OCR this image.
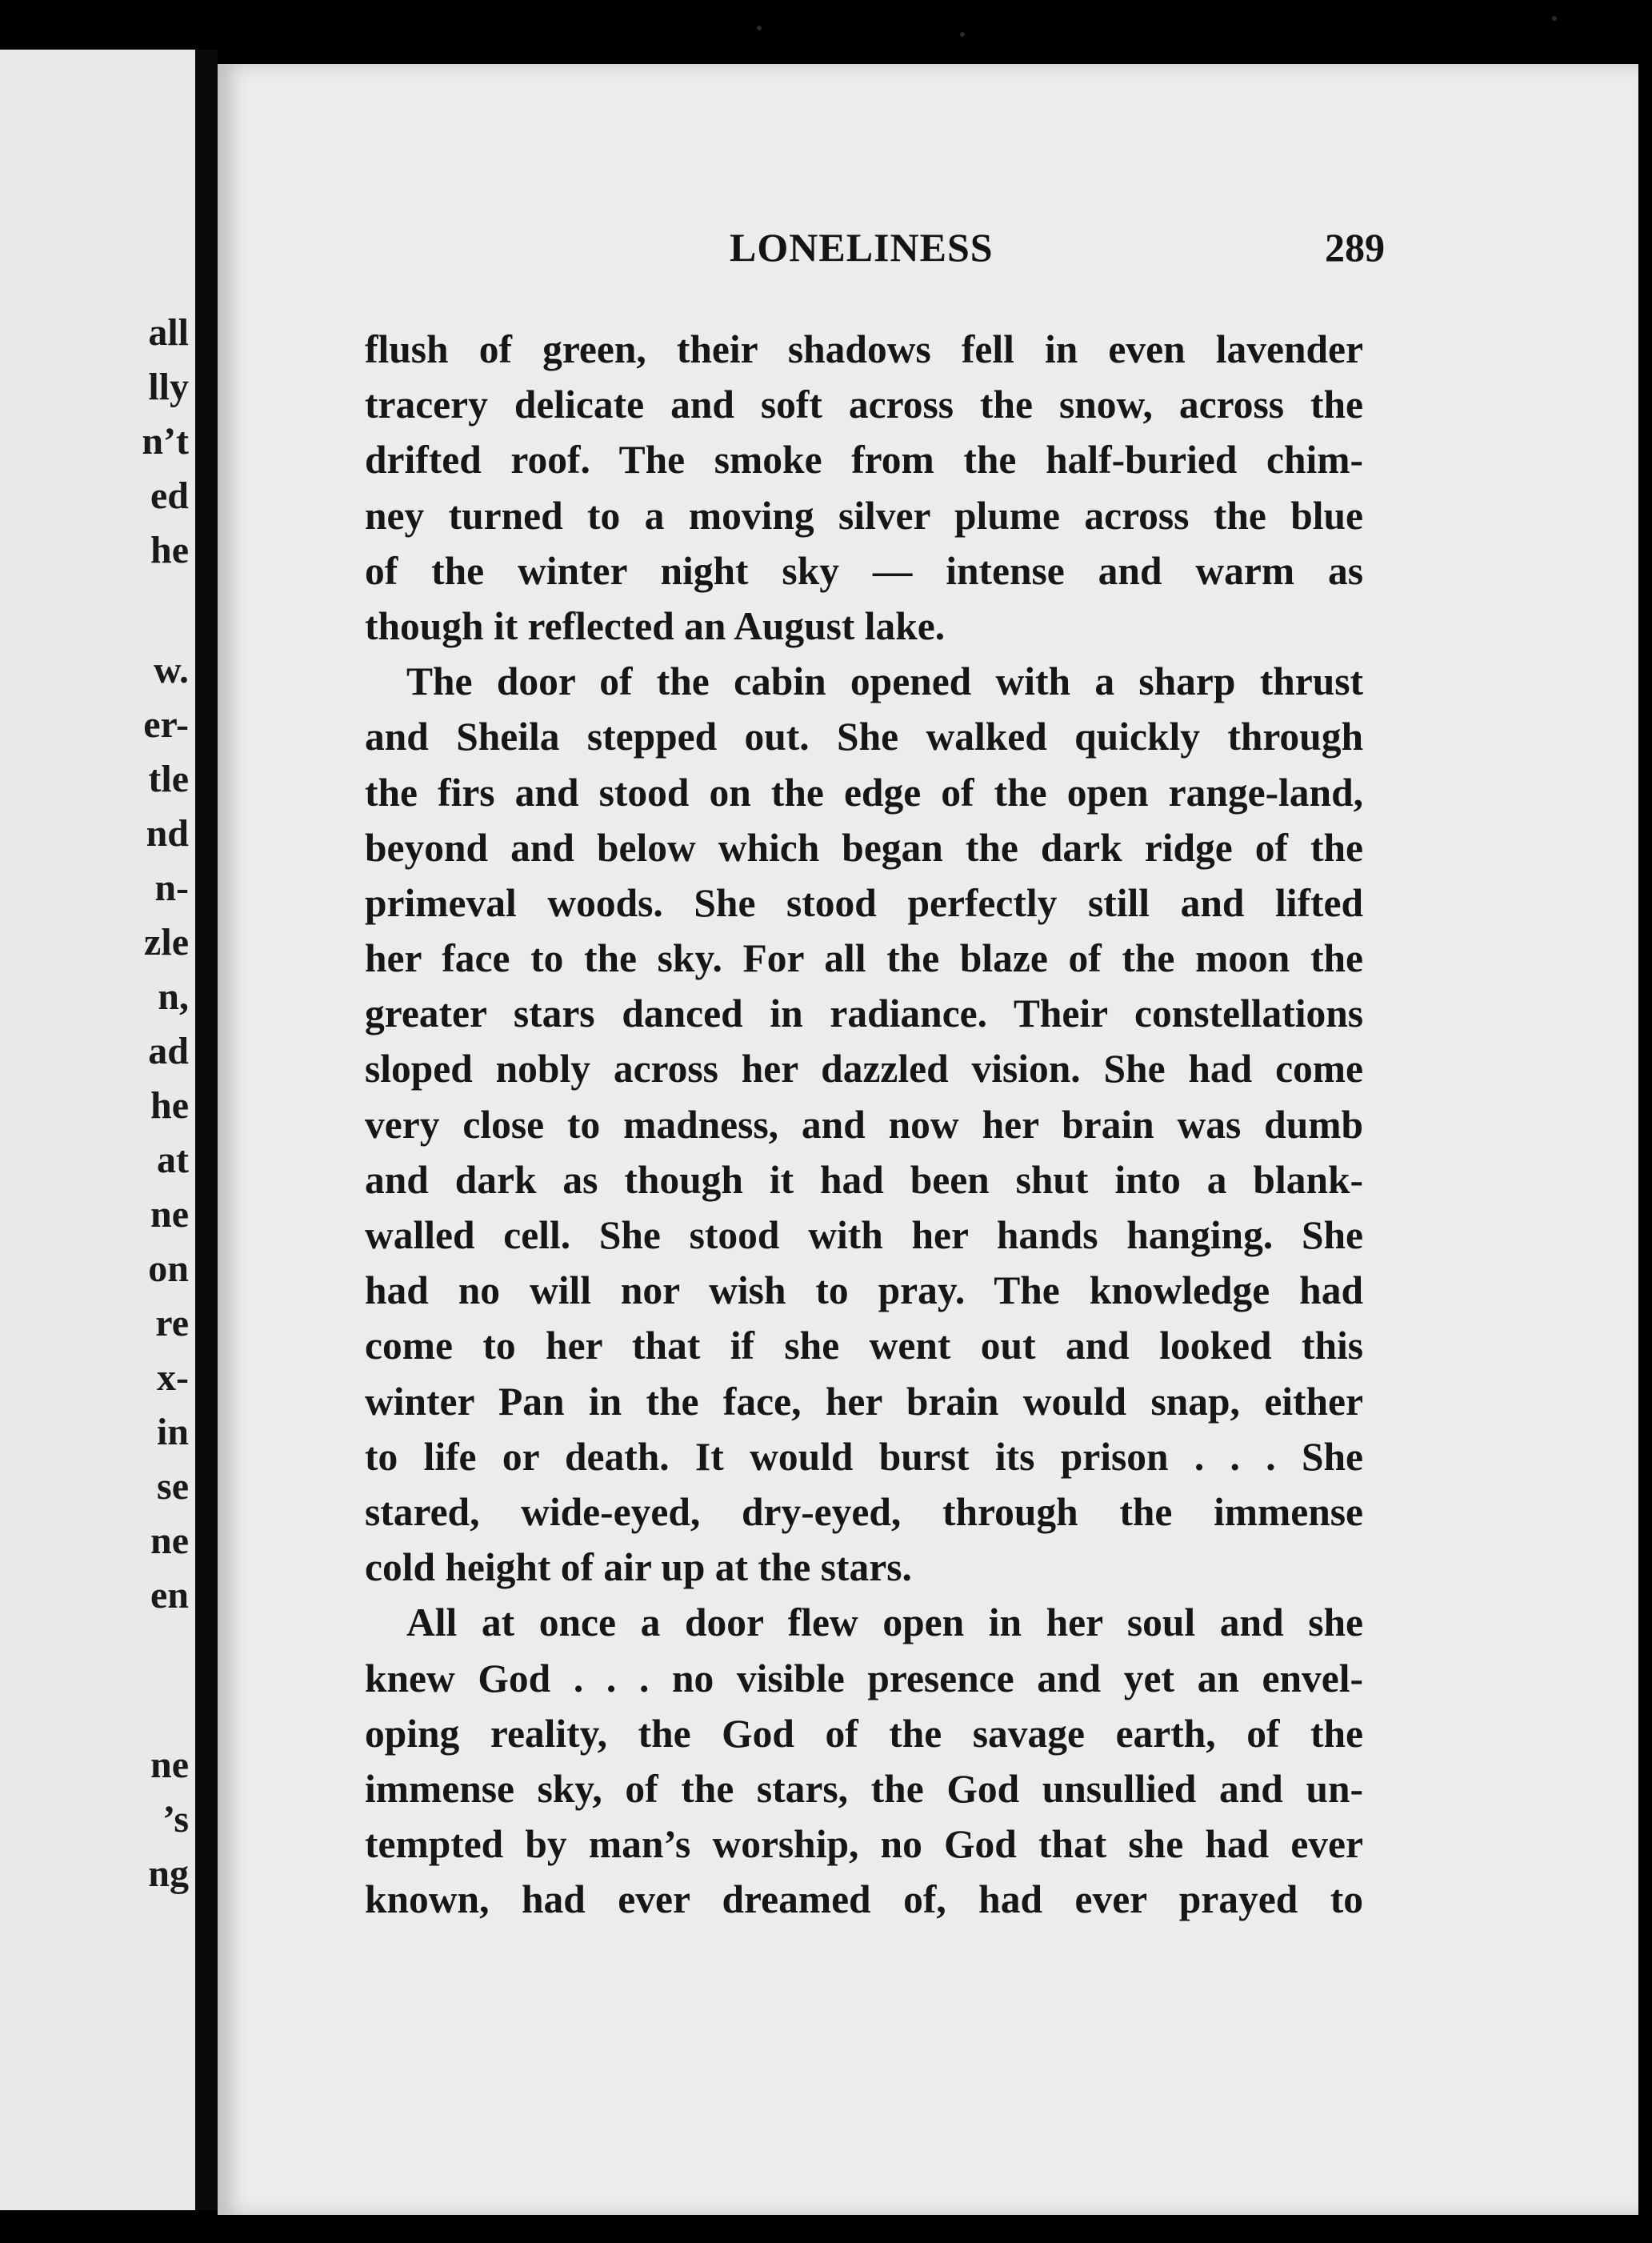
all
lly
n’t
ed
he
w.
er-
tle
nd
n-
zle
n,
ad
he
at
ne
on
re
x-
in
se
ne
en
ne
’s
ng
LONELINESS	289
flush of green, their shadows fell in even lavender
tracery delicate and soft across the snow, across the
drifted roof. The smoke from the half-buried chim-
ney turned to a moving silver plume across the blue
of the winter night sky — intense and warm as
though it reflected an August lake.
The door of the cabin opened with a sharp thrust
and Sheila stepped out. She walked quickly through
the firs and stood on the edge of the open range-land,
beyond and below which began the dark ridge of the
primeval woods. She stood perfectly still and lifted
her face to the sky. For all the blaze of the moon the
greater stars danced in radiance. Their constellations
sloped nobly across her dazzled vision. She had come
very close to madness, and now her brain was dumb
and dark as though it had been shut into a blank-
walled cell. She stood with her hands hanging. She
had no will nor wish to pray. The knowledge had
come to her that if she went out and looked this
winter Pan in the face, her brain would snap, either
to life or death. It would burst its prison . . . She
stared, wide-eyed, dry-eyed, through the immense
cold height of air up at the stars.
All at once a door flew open in her soul and she
knew God . . . no visible presence and yet an envel-
oping reality, the God of the savage earth, of the
immense sky, of the stars, the God unsullied and un-
tempted by man’s worship, no God that she had ever
known, had ever dreamed of, had ever prayed to
